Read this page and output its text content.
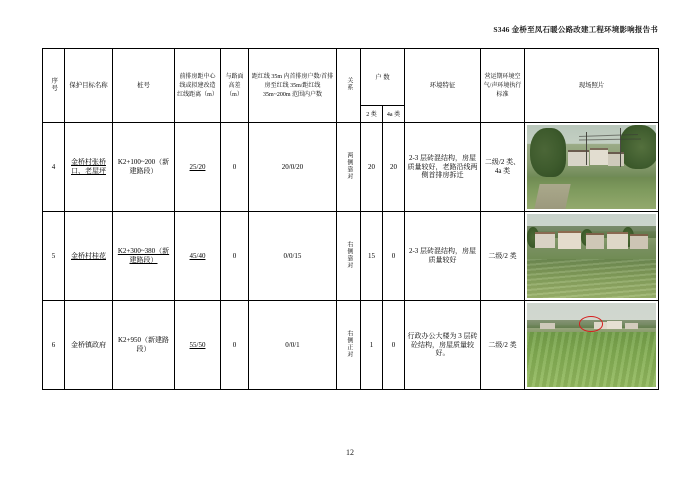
S346 金桥至凤石暖公路改建工程环境影响报告书
序号	保护目标名称	桩号	前排房距中心线或拟建改造红线距离（m）	与路面高差（m）	距红线 35m 内首排房户数/首排房至红线 35m/距红线 35m~200m 范围内户数	关系	户 数		环境特征	营运期环境空气/声环境执行标准	现场照片
							2 类	4a 类			
4	金桥村张桥口、老屋坪	K2+100~200（新建路段）	25/20	0	20/0/20	两侧靠对	20	20	2-3 层砖混结构，房屋质量较好，老路沿线两侧首排房拆迁	二级/2 类、4a 类	

5	金桥村桂花	K2+300~380（新建路段）	45/40	0	0/0/15	右侧靠对	15	0	2-3 层砖混结构，房屋质量较好	二级/2 类	

6	金桥镇政府	K2+950（新建路段）	55/50	0	0/0/1	右侧正对	1	0	行政办公大楼为 3 层砖砼结构，房屋质量较好。	二级/2 类	
12
